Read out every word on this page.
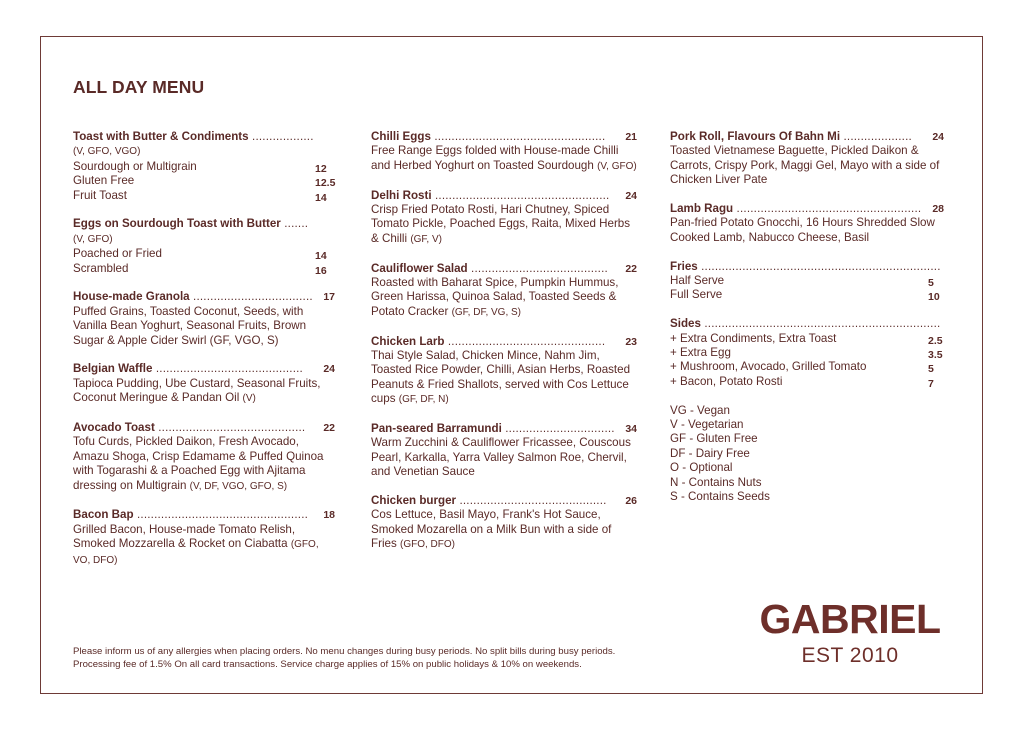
ALL DAY MENU
Toast with Butter & Condiments ..................
(V, GFO, VGO)
Sourdough or Multigrain	12
Gluten Free	12.5
Fruit Toast	14
Eggs on Sourdough Toast with Butter .......
(V, GFO)
Poached or Fried	14
Scrambled	16
House-made Granola ................................... 17
Puffed Grains, Toasted Coconut, Seeds, with Vanilla Bean Yoghurt, Seasonal Fruits, Brown Sugar & Apple Cider Swirl (GF, VGO, S)
Belgian Waffle ........................................... 24
Tapioca Pudding, Ube Custard, Seasonal Fruits, Coconut Meringue & Pandan Oil (V)
Avocado Toast ........................................... 22
Tofu Curds, Pickled Daikon, Fresh Avocado, Amazu Shoga, Crisp Edamame & Puffed Quinoa with Togarashi & a Poached Egg with Ajitama dressing on Multigrain (V, DF, VGO, GFO, S)
Bacon Bap .................................................. 18
Grilled Bacon, House-made Tomato Relish, Smoked Mozzarella & Rocket on Ciabatta (GFO, VO, DFO)
Chilli Eggs .................................................. 21
Free Range Eggs folded with House-made Chilli and Herbed Yoghurt on Toasted Sourdough (V, GFO)
Delhi Rosti ................................................... 24
Crisp Fried Potato Rosti, Hari Chutney, Spiced Tomato Pickle, Poached Eggs, Raita, Mixed Herbs & Chilli (GF, V)
Cauliflower Salad ........................................ 22
Roasted with Baharat Spice, Pumpkin Hummus, Green Harissa, Quinoa Salad, Toasted Seeds & Potato Cracker (GF, DF, VG, S)
Chicken Larb .............................................. 23
Thai Style Salad, Chicken Mince, Nahm Jim, Toasted Rice Powder, Chilli, Asian Herbs, Roasted Peanuts & Fried Shallots, served with Cos Lettuce cups (GF, DF, N)
Pan-seared Barramundi ................................ 34
Warm Zucchini & Cauliflower Fricassee, Couscous Pearl, Karkalla, Yarra Valley Salmon Roe, Chervil, and Venetian Sauce
Chicken burger ........................................... 26
Cos Lettuce, Basil Mayo, Frank's Hot Sauce, Smoked Mozarella on a Milk Bun with a side of Fries (GFO, DFO)
Pork Roll, Flavours Of Bahn Mi .................... 24
Toasted Vietnamese Baguette, Pickled Daikon & Carrots, Crispy Pork, Maggi Gel, Mayo with a side of Chicken Liver Pate
Lamb Ragu ...................................................... 28
Pan-fried Potato Gnocchi, 16 Hours Shredded Slow Cooked Lamb, Nabucco Cheese, Basil
Fries ......................................................................
Half Serve	5
Full Serve	10
Sides .....................................................................
+ Extra Condiments, Extra Toast	2.5
+ Extra Egg	3.5
+ Mushroom, Avocado, Grilled Tomato	5
+ Bacon, Potato Rosti	7
VG - Vegan
V - Vegetarian
GF - Gluten Free
DF - Dairy Free
O - Optional
N - Contains Nuts
S - Contains Seeds
GABRIEL
EST 2010
Please inform us of any allergies when placing orders. No menu changes during busy periods. No split bills during busy periods.
Processing fee of 1.5% On all card transactions. Service charge applies of 15% on public holidays & 10% on weekends.
